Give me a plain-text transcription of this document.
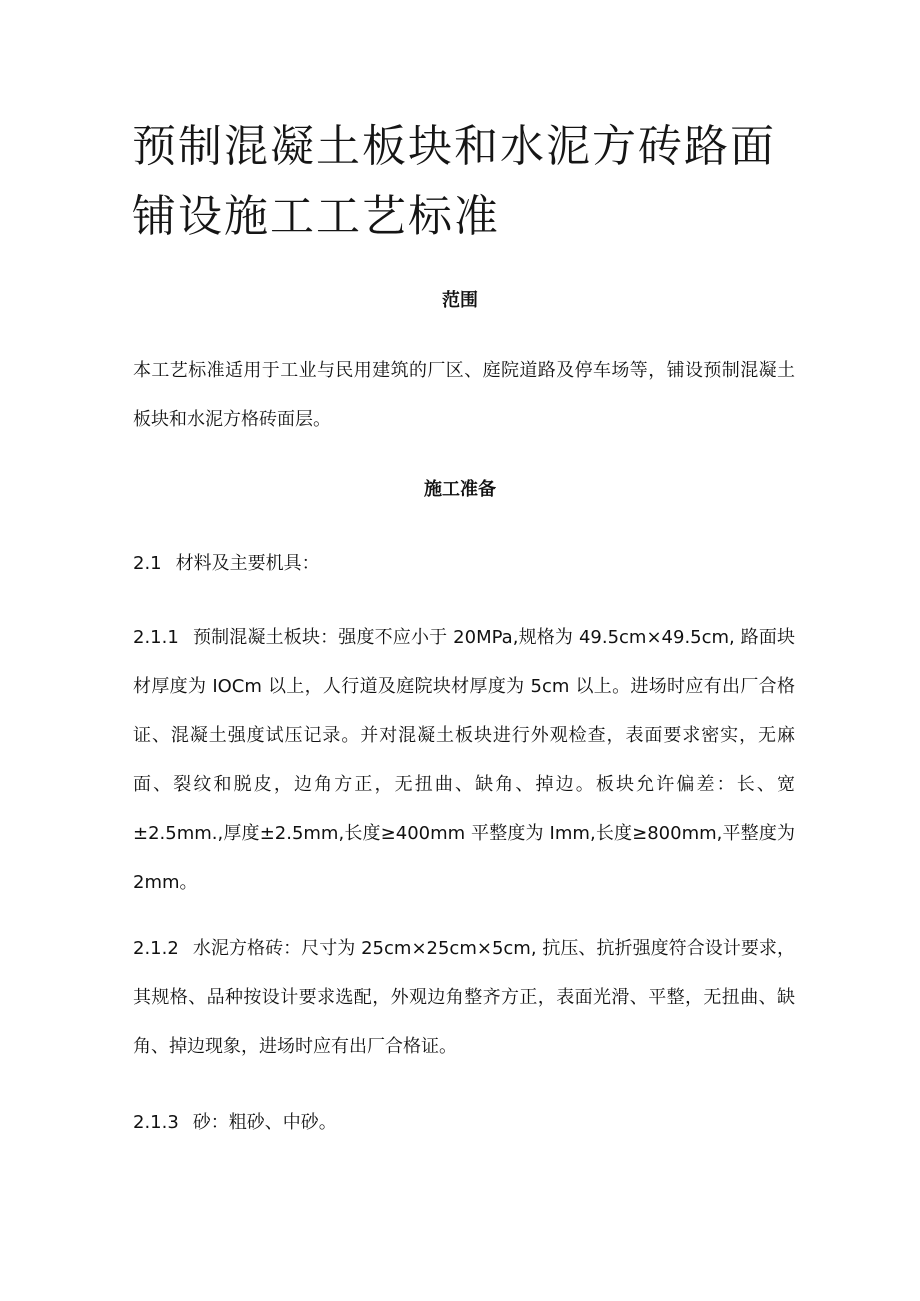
预制混凝土板块和水泥方砖路面铺设施工工艺标准
范围

本工艺标准适用于工业与民用建筑的厂区、庭院道路及停车场等，铺设预制混凝土板块和水泥方格砖面层。

施工准备

2.1 材料及主要机具：

2.1.1 预制混凝土板块：强度不应小于 20MPa,规格为 49.5cm×49.5cm, 路面块材厚度为 IOCm 以上，人行道及庭院块材厚度为 5cm 以上。进场时应有出厂合格证、混凝土强度试压记录。并对混凝土板块进行外观检查，表面要求密实，无麻面、裂纹和脱皮，边角方正，无扭曲、缺角、掉边。板块允许偏差：长、宽±2.5mm.,厚度±2.5mm,长度≥400mm 平整度为 Imm,长度≥800mm,平整度为 2mm。

2.1.2 水泥方格砖：尺寸为 25cm×25cm×5cm, 抗压、抗折强度符合设计要求，其规格、品种按设计要求选配，外观边角整齐方正，表面光滑、平整，无扭曲、缺角、掉边现象，进场时应有出厂合格证。

2.1.3 砂：粗砂、中砂。
